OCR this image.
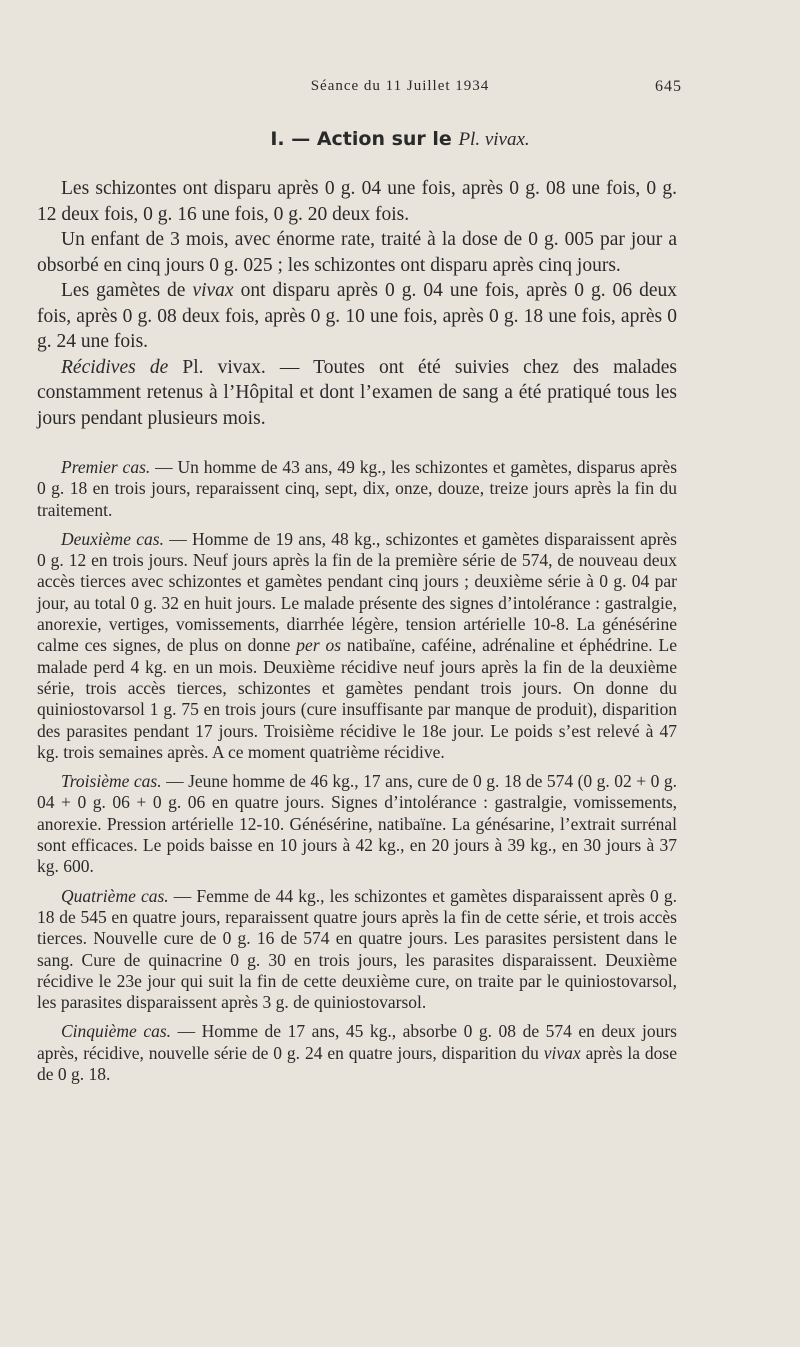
Séance du 11 Juillet 1934	645
I. — Action sur le Pl. vivax.

Les schizontes ont disparu après 0 g. 04 une fois, après 0 g. 08 une fois, 0 g. 12 deux fois, 0 g. 16 une fois, 0 g. 20 deux fois.

Un enfant de 3 mois, avec énorme rate, traité à la dose de 0 g. 005 par jour a obsorbé en cinq jours 0 g. 025 ; les schizontes ont disparu après cinq jours.

Les gamètes de vivax ont disparu après 0 g. 04 une fois, après 0 g. 06 deux fois, après 0 g. 08 deux fois, après 0 g. 10 une fois, après 0 g. 18 une fois, après 0 g. 24 une fois.

Récidives de Pl. vivax. — Toutes ont été suivies chez des malades constamment retenus à l’Hôpital et dont l’examen de sang a été pratiqué tous les jours pendant plusieurs mois.

Premier cas. — Un homme de 43 ans, 49 kg., les schizontes et gamètes, disparus après 0 g. 18 en trois jours, reparaissent cinq, sept, dix, onze, douze, treize jours après la fin du traitement.

Deuxième cas. — Homme de 19 ans, 48 kg., schizontes et gamètes disparaissent après 0 g. 12 en trois jours. Neuf jours après la fin de la première série de 574, de nouveau deux accès tierces avec schizontes et gamètes pendant cinq jours ; deuxième série à 0 g. 04 par jour, au total 0 g. 32 en huit jours. Le malade présente des signes d’intolérance : gastralgie, anorexie, vertiges, vomissements, diarrhée légère, tension artérielle 10-8. La génésérine calme ces signes, de plus on donne per os natibaïne, caféine, adrénaline et éphédrine. Le malade perd 4 kg. en un mois. Deuxième récidive neuf jours après la fin de la deuxième série, trois accès tierces, schizontes et gamètes pendant trois jours. On donne du quiniostovarsol 1 g. 75 en trois jours (cure insuffisante par manque de produit), disparition des parasites pendant 17 jours. Troisième récidive le 18e jour. Le poids s’est relevé à 47 kg. trois semaines après. A ce moment quatrième récidive.

Troisième cas. — Jeune homme de 46 kg., 17 ans, cure de 0 g. 18 de 574 (0 g. 02 + 0 g. 04 + 0 g. 06 + 0 g. 06 en quatre jours. Signes d’intolérance : gastralgie, vomissements, anorexie. Pression artérielle 12-10. Génésérine, natibaïne. La génésarine, l’extrait surrénal sont efficaces. Le poids baisse en 10 jours à 42 kg., en 20 jours à 39 kg., en 30 jours à 37 kg. 600.

Quatrième cas. — Femme de 44 kg., les schizontes et gamètes disparaissent après 0 g. 18 de 545 en quatre jours, reparaissent quatre jours après la fin de cette série, et trois accès tierces. Nouvelle cure de 0 g. 16 de 574 en quatre jours. Les parasites persistent dans le sang. Cure de quinacrine 0 g. 30 en trois jours, les parasites disparaissent. Deuxième récidive le 23e jour qui suit la fin de cette deuxième cure, on traite par le quiniostovarsol, les parasites disparaissent après 3 g. de quiniostovarsol.

Cinquième cas. — Homme de 17 ans, 45 kg., absorbe 0 g. 08 de 574 en deux jours après, récidive, nouvelle série de 0 g. 24 en quatre jours, disparition du vivax après la dose de 0 g. 18.
